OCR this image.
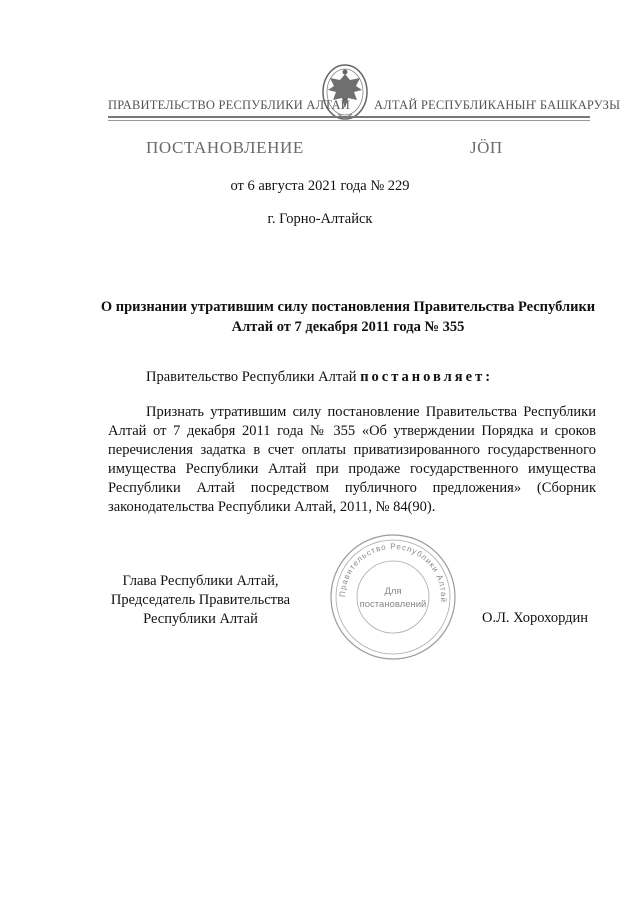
ПРАВИТЕЛЬСТВО РЕСПУБЛИКИ АЛТАЙ АЛТАЙ РЕСПУБЛИКАНЫҤ БАШКАРУЗЫ
ПОСТАНОВЛЕНИЕ	ЈӦП
от 6 августа 2021 года № 229
г. Горно-Алтайск
О признании утратившим силу постановления Правительства Республики Алтай от 7 декабря 2011 года № 355
Правительство Республики Алтай постановляет:
Признать утратившим силу постановление Правительства Республики Алтай от 7 декабря 2011 года № 355 «Об утверждении Порядка и сроков перечисления задатка в счет оплаты приватизированного государственного имущества Республики Алтай при продаже государственного имущества Республики Алтай посредством публичного предложения» (Сборник законодательства Республики Алтай, 2011, № 84(90).
Правительство Республики Алтай
Для
постановлений
Глава Республики Алтай,
Председатель Правительства
Республики Алтай	О.Л. Хорохордин
